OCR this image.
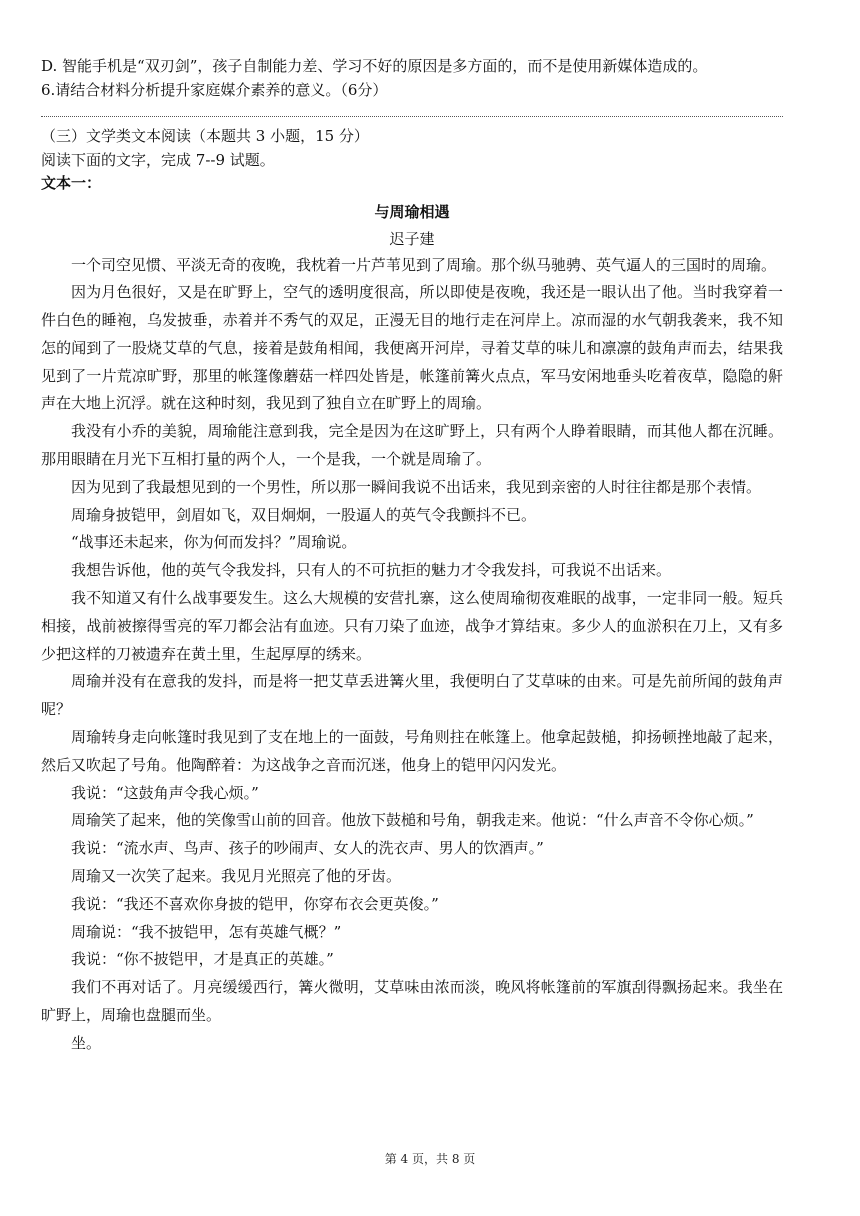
D. 智能手机是“双刃剑”，孩子自制能力差、学习不好的原因是多方面的，而不是使用新媒体造成的。

6.请结合材料分析提升家庭媒介素养的意义。（6分）

（三）文学类文本阅读（本题共 3 小题，15 分）

阅读下面的文字，完成 7--9 试题。

文本一：

与周瑜相遇

迟子建

一个司空见惯、平淡无奇的夜晚，我枕着一片芦苇见到了周瑜。那个纵马驰骋、英气逼人的三国时的周瑜。

因为月色很好，又是在旷野上，空气的透明度很高，所以即使是夜晚，我还是一眼认出了他。当时我穿着一件白色的睡袍，乌发披垂，赤着并不秀气的双足，正漫无目的地行走在河岸上。凉而湿的水气朝我袭来，我不知怎的闻到了一股烧艾草的气息，接着是鼓角相闻，我便离开河岸，寻着艾草的味儿和凛凛的鼓角声而去，结果我见到了一片荒凉旷野，那里的帐篷像蘑菇一样四处皆是，帐篷前篝火点点，军马安闲地垂头吃着夜草，隐隐的鼾声在大地上沉浮。就在这种时刻，我见到了独自立在旷野上的周瑜。

我没有小乔的美貌，周瑜能注意到我，完全是因为在这旷野上，只有两个人睁着眼睛，而其他人都在沉睡。那用眼睛在月光下互相打量的两个人，一个是我，一个就是周瑜了。

因为见到了我最想见到的一个男性，所以那一瞬间我说不出话来，我见到亲密的人时往往都是那个表情。

周瑜身披铠甲，剑眉如飞，双目炯炯，一股逼人的英气令我颤抖不已。

“战事还未起来，你为何而发抖？”周瑜说。

我想告诉他，他的英气令我发抖，只有人的不可抗拒的魅力才令我发抖，可我说不出话来。

我不知道又有什么战事要发生。这么大规模的安营扎寨，这么使周瑜彻夜难眠的战事，一定非同一般。短兵相接，战前被擦得雪亮的军刀都会沾有血迹。只有刀染了血迹，战争才算结束。多少人的血淤积在刀上，又有多少把这样的刀被遗弃在黄土里，生起厚厚的绣来。

周瑜并没有在意我的发抖，而是将一把艾草丢进篝火里，我便明白了艾草味的由来。可是先前所闻的鼓角声呢？

周瑜转身走向帐篷时我见到了支在地上的一面鼓，号角则拄在帐篷上。他拿起鼓槌，抑扬顿挫地敲了起来，然后又吹起了号角。他陶醉着：为这战争之音而沉迷，他身上的铠甲闪闪发光。

我说：“这鼓角声令我心烦。”

周瑜笑了起来，他的笑像雪山前的回音。他放下鼓槌和号角，朝我走来。他说：“什么声音不令你心烦。”

我说：“流水声、鸟声、孩子的吵闹声、女人的洗衣声、男人的饮酒声。”

周瑜又一次笑了起来。我见月光照亮了他的牙齿。

我说：“我还不喜欢你身披的铠甲，你穿布衣会更英俊。”

周瑜说：“我不披铠甲，怎有英雄气概？”

我说：“你不披铠甲，才是真正的英雄。”

我们不再对话了。月亮缓缓西行，篝火微明，艾草味由浓而淡，晚风将帐篷前的军旗刮得飘扬起来。我坐在旷野上，周瑜也盘腿而坐。

坐。

第 4 页，共 8 页
